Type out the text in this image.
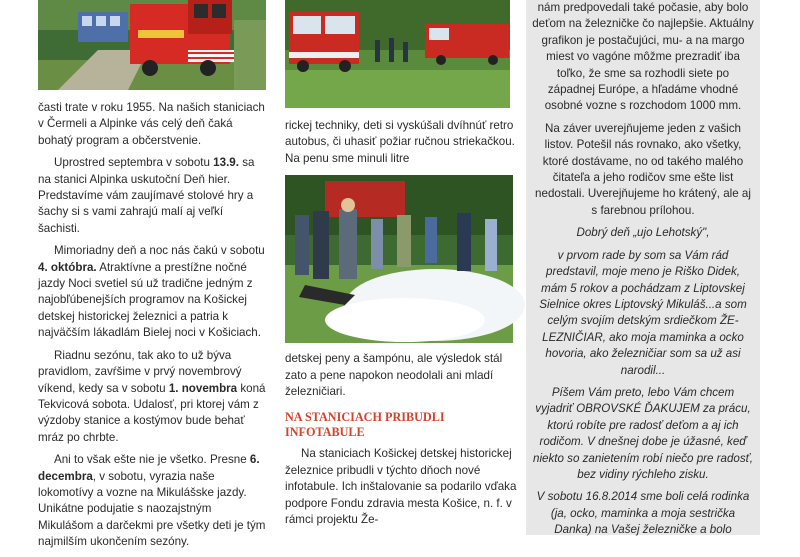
časti trate v roku 1955. Na našich staniciach v Čermeli a Alpinke vás celý deň čaká bohatý program a občerstvenie.

Uprostred septembra v sobotu 13.9. sa na stanici Alpinka uskutoční Deň hier. Predstavíme vám zaujímavé stolové hry a šachy si s vami zahrajú malí aj veľkí šachisti.

Mimoriadny deň a noc nás čakú v sobotu 4. októbra. Atraktívne a prestížne nočné jazdy Noci svetiel sú už tradične jedným z najobľúbenejších programov na Košickej detskej historickej železnici a patria k najväčším lákadlám Bielej noci v Košiciach.

Riadnu sezónu, tak ako to už býva pravidlom, zavŕšime v prvý novembrový víkend, kedy sa v sobotu 1. novembra koná Tekvicová sobota. Udalosť, pri ktorej vám z výzdoby stanice a kostýmov bude behať mráz po chrbte.

Ani to však ešte nie je všetko. Presne 6. decembra, v sobotu, vyrazia naše lokomotívy a vozne na Mikulášske jazdy. Unikátne podujatie s naozajstným Mikulášom a darčekmi pre všetky deti je tým najmilším ukončením sezóny.

rickej techniky, deti si vyskúšali dvíhnúť retro autobus, či uhasiť požiar ručnou striekačkou. Na penu sme minuli litre

detskej peny a šampónu, ale výsledok stál zato a pene napokon neodolali ani mladí železničiari.

NA STANICIACH PRIBUDLI INFOTABULE

Na staniciach Košickej detskej historickej železnice pribudli v týchto dňoch nové infotabule. Ich inštalovanie sa podarilo vďaka podpore Fondu zdravia mesta Košice, n. f. v rámci projektu Že-

nám predpovedali také počasie, aby bolo deťom na železničke čo najlepšie. Aktuálny grafikon je postačujúci, mu- a na margo miest vo vagóne môžme prezradiť iba toľko, že sme sa rozhodli siete po západnej Európe, a hľadáme vhodné osobné vozne s rozchodom 1000 mm.

Na záver uverejňujeme jeden z vašich listov. Potešil nás rovnako, ako všetky, ktoré dostávame, no od takého malého čitateľa a jeho rodičov sme ešte list nedostali. Uverejňujeme ho krátený, ale aj s farebnou prílohou.

Dobrý deň „ujo Lehotský",

v prvom rade by som sa Vám rád predstavil, moje meno je Riško Didek, mám 5 rokov a pochádzam z Liptovskej Sielnice okres Liptovský Mikuláš...a som celým svojím detským srdiečkom ŽE-LEZNIČIAR, ako moja maminka a ocko hovoria, ako železničiar som sa už asi narodil...

Píšem Vám preto, lebo Vám chcem vyjadriť OBROVSKÉ ĎAKUJEM za prácu, ktorú robíte pre radosť deťom a aj ich rodičom. V dnešnej dobe je úžasné, keď niekto so zanietením robí niečo pre radosť, bez vidiny rýchleho zisku.

V sobotu 16.8.2014 sme boli celá rodinka (ja, ocko, maminka a moja sestrička Danka) na Vašej železničke a bolo
